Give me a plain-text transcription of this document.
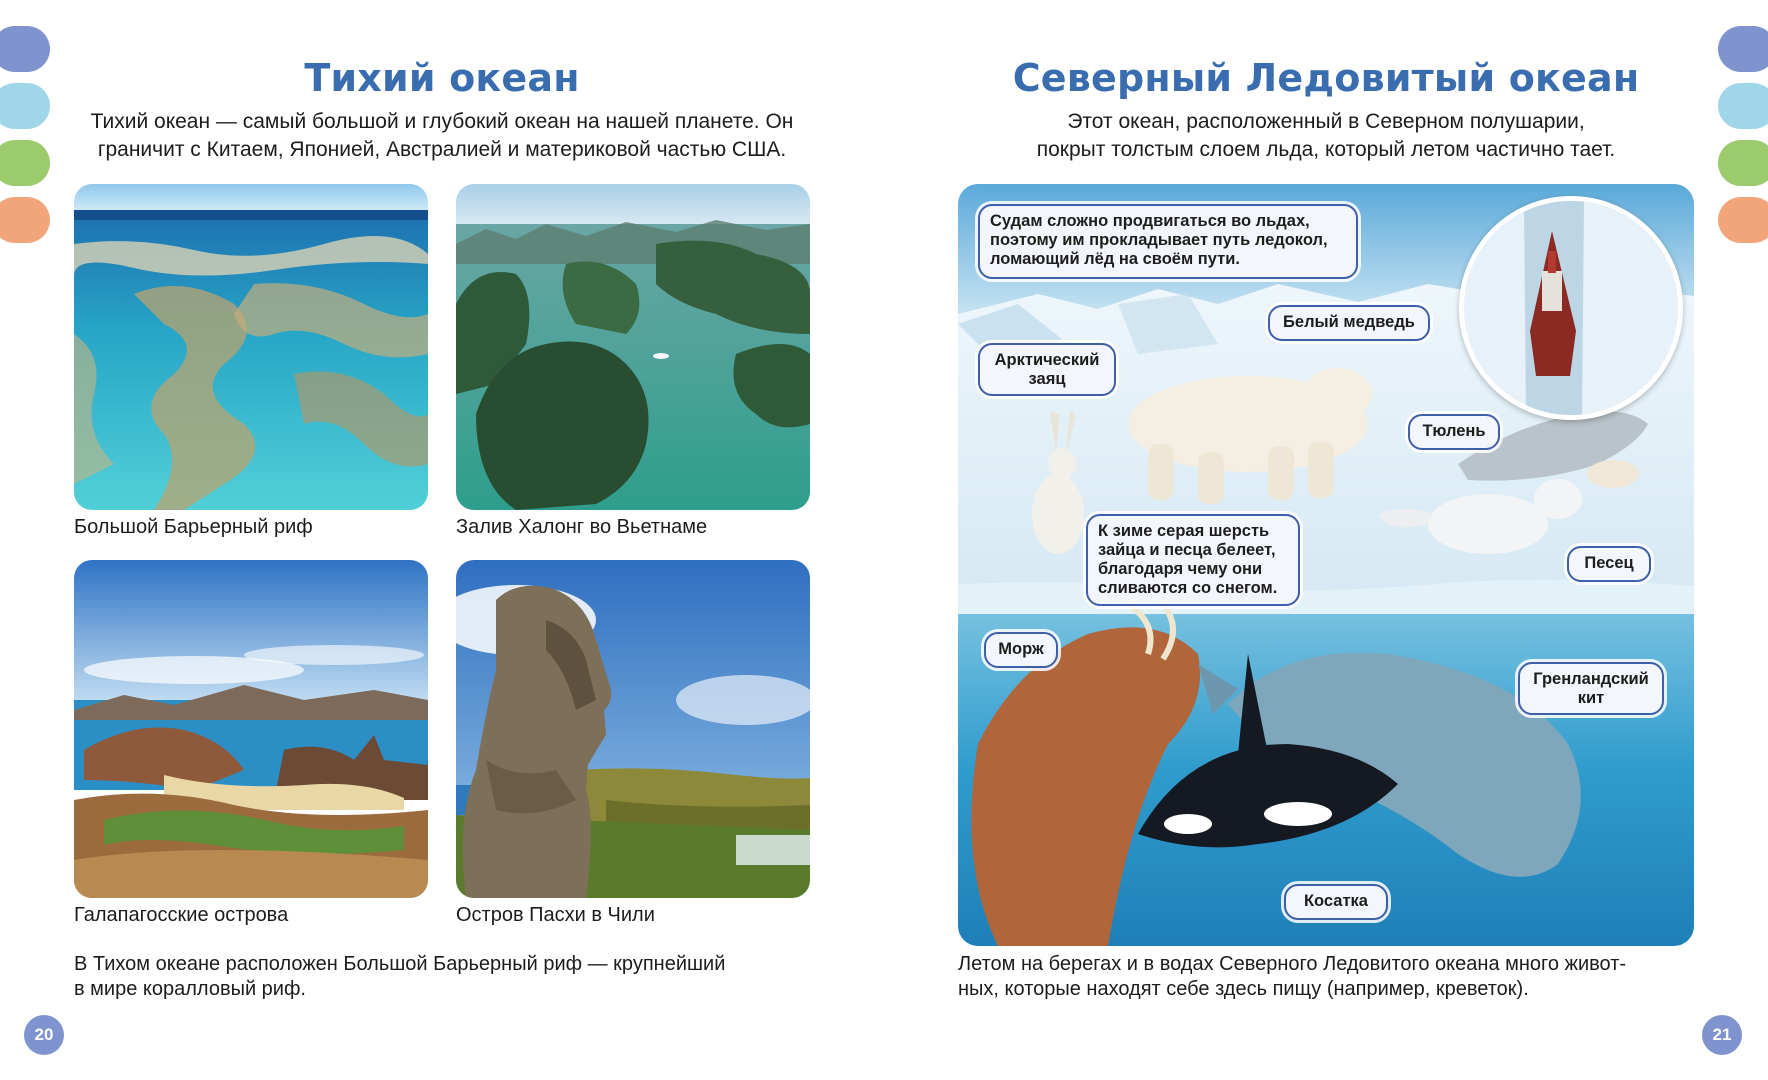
Тихий океан
Тихий океан — самый большой и глубокий океан на нашей планете. Он
граничит с Китаем, Японией, Австралией и материковой частью США.
Большой Барьерный риф	Залив Халонг во Вьетнаме
Галапагосские острова	Остров Пасхи в Чили
В Тихом океане расположен Большой Барьерный риф — крупнейший
в мире коралловый риф.
20
Северный Ледовитый океан
Этот океан, расположенный в Северном полушарии,
покрыт толстым слоем льда, который летом частично тает.
Судам сложно продвигаться во льдах,
поэтому им прокладывает путь ледокол,
ломающий лёд на своём пути.
Белый медведь
Арктический
заяц
Тюлень
К зиме серая шерсть
зайца и песца белеет,
благодаря чему они
сливаются со снегом.
Песец
Морж
Гренландский
кит
Косатка
Летом на берегах и в водах Северного Ледовитого океана много живот-
ных, которые находят себе здесь пищу (например, креветок).
21
